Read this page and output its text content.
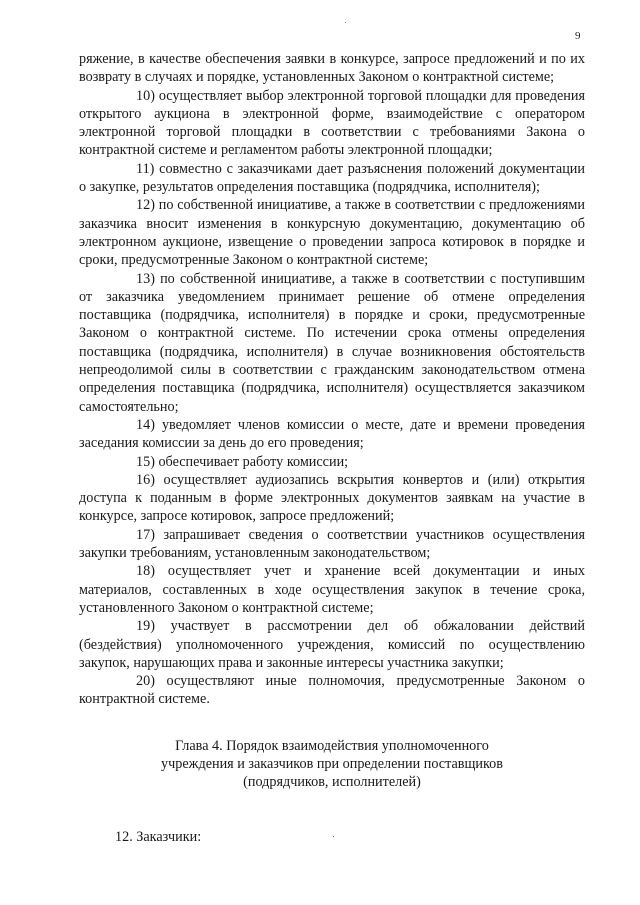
9

ряжение, в качестве обеспечения заявки в конкурсе, запросе предложений и по их возврату в случаях и порядке, установленных Законом о контрактной системе;

10) осуществляет выбор электронной торговой площадки для проведения открытого аукциона в электронной форме, взаимодействие с оператором электронной торговой площадки в соответствии с требованиями Закона о контрактной системе и регламентом работы электронной площадки;

11) совместно с заказчиками дает разъяснения положений документации о закупке, результатов определения поставщика (подрядчика, исполнителя);

12) по собственной инициативе, а также в соответствии с предложениями заказчика вносит изменения в конкурсную документацию, документацию об электронном аукционе, извещение о проведении запроса котировок в порядке и сроки, предусмотренные Законом о контрактной системе;

13) по собственной инициативе, а также в соответствии с поступившим от заказчика уведомлением принимает решение об отмене определения поставщика (подрядчика, исполнителя) в порядке и сроки, предусмотренные Законом о контрактной системе. По истечении срока отмены определения поставщика (подрядчика, исполнителя) в случае возникновения обстоятельств непреодолимой силы в соответствии с гражданским законодательством отмена определения поставщика (подрядчика, исполнителя) осуществляется заказчиком самостоятельно;

14) уведомляет членов комиссии о месте, дате и времени проведения заседания комиссии за день до его проведения;

15) обеспечивает работу комиссии;

16) осуществляет аудиозапись вскрытия конвертов и (или) открытия доступа к поданным в форме электронных документов заявкам на участие в конкурсе, запросе котировок, запросе предложений;

17) запрашивает сведения о соответствии участников осуществления закупки требованиям, установленным законодательством;

18) осуществляет учет и хранение всей документации и иных материалов, составленных в ходе осуществления закупок в течение срока, установленного Законом о контрактной системе;

19) участвует в рассмотрении дел об обжаловании действий (бездействия) уполномоченного учреждения, комиссий по осуществлению закупок, нарушающих права и законные интересы участника закупки;

20) осуществляют иные полномочия, предусмотренные Законом о контрактной системе.

Глава 4. Порядок взаимодействия уполномоченного
учреждения и заказчиков при определении поставщиков
(подрядчиков, исполнителей)

12. Заказчики:
